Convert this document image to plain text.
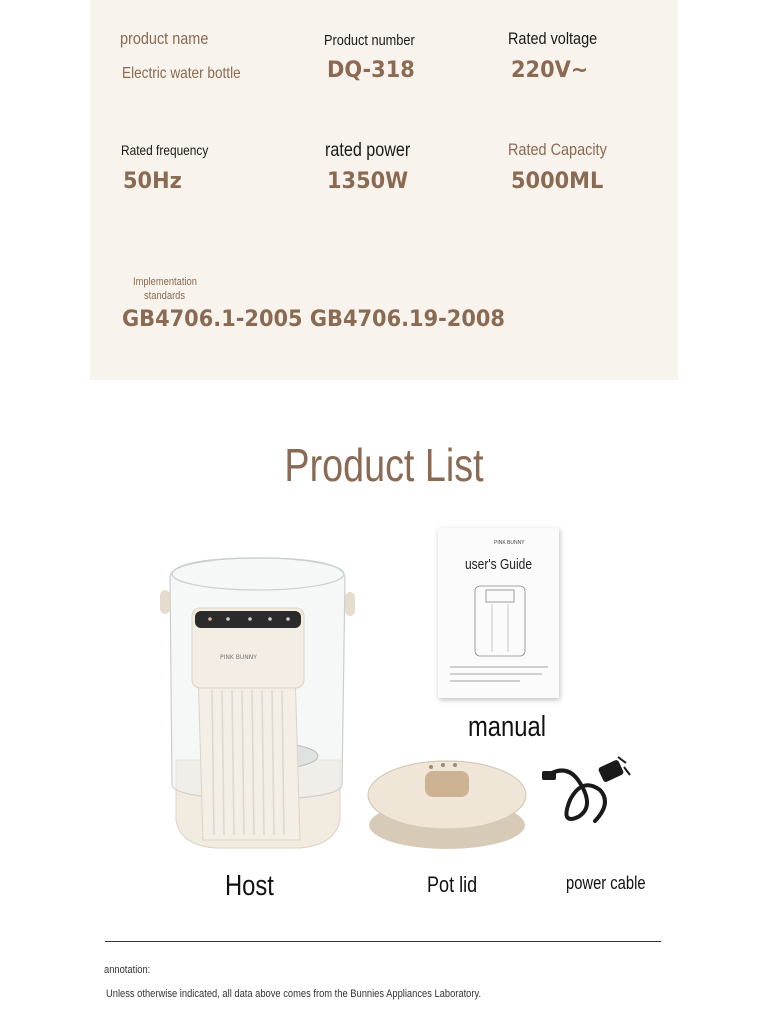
product name
Electric water bottle
Product number
DQ-318
Rated voltage
220V~
Rated frequency
50Hz
rated power
1350W
Rated Capacity
5000ML
Implementation
standards
GB4706.1-2005 GB4706.19-2008
Product List
PINK BUNNY
PINK BUNNY
user's Guide
Host
manual
Pot lid	power cable
annotation:
Unless otherwise indicated, all data above comes from the Bunnies Appliances Laboratory.
